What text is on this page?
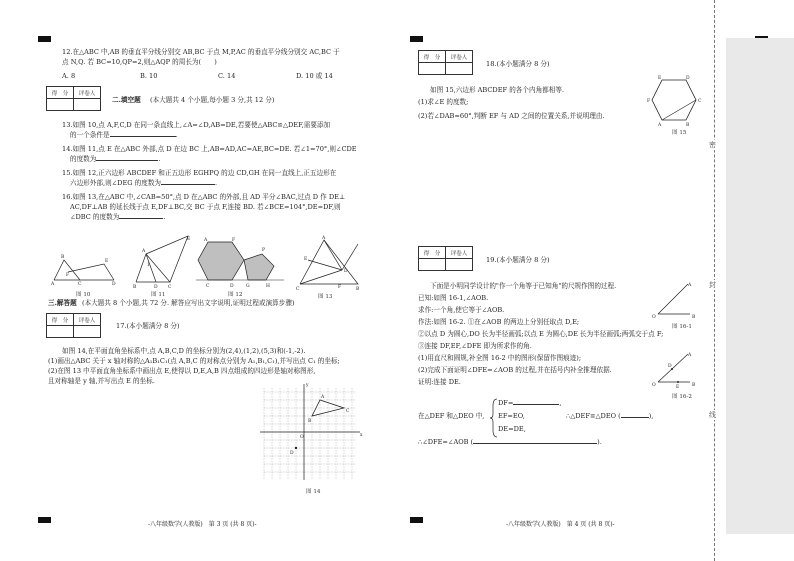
密
封
线
12.在△ABC 中,AB 的垂直平分线分别交 AB,BC 于点 M,P,AC 的垂直平分线分别交 AC,BC 于
点 N,Q. 若 BC=10,QP=2,则△AQP 的周长为(　　)
A. 8	B. 10	C. 14	D. 10 或 14
得　分	评卷人

二.填空题 (本大题共 4 个小题,每小题 3 分,共 12 分)
13.如图 10,点 A,F,C,D 在同一条直线上,∠A=∠D,AB=DE,若要使△ABC≌△DEF,需要添加
的一个条件是	.
14.如图 11,点 E 在△ABC 外部,点 D 在边 BC 上,AB=AD,AC=AE,BC=DE. 若∠1=70°,则∠CDE
的度数为	.
15.如图 12,正六边形 ABCDEF 和正五边形 EGHPQ 的边 CD,GH 在同一直线上,正五边形在
六边形外部,则∠DEG 的度数为	.
16.如图 13,在△ABC 中,∠CAB=50°,点 D 在△ABC 的外部,且 AD 平分∠BAC,过点 D 作 DE⊥
AC,DF⊥AB 的延长线于点 E,DF⊥BC,交 BC 于点 F,连接 BD. 若∠BCE=104°,DE=DF,则
∠DBC 的度数为	.
A
B
C
F
E
D
图 10
B
A
C
D
E
1
图 11
A	F
P
C	D	G	H
图 12
A
C	B
D
E
F
图 13
三.解答题 (本大题共 8 个小题,共 72 分. 解答应写出文字说明,证明过程或演算步骤)
得　分	评卷人

17.(本小题满分 8 分)
如图 14,在平面直角坐标系中,点 A,B,C,D 的坐标分别为(2,4),(1,2),(5,3)和(-1,-2).
(1)画出△ABC 关于 x 轴对称的△A₁B₁C₁(点 A,B,C 的对称点分别为 A₁,B₁,C₁),并写出点 C₁ 的坐标;
(2)在图 13 中平面直角坐标系中画出点 E,使得以 D,E,A,B 四点组成的四边形是轴对称图形,
且对称轴是 y 轴,并写出点 E 的坐标.
y
x
O
A
B
C
D
图 14
-八年级数学(人教版)　第 3 页 (共 8 页)-
得　分	评卷人

18.(本小题满分 8 分)
如图 15,六边形 ABCDEF 的各个内角都相等.
(1)求∠E 的度数;
(2)若∠DAB=60°,判断 EF 与 AD 之间的位置关系,并说明理由.
E	D
C
B
A
F
图 15
得　分	评卷人

19.(本小题满分 8 分)
下面是小明同学设计的"作一个角等于已知角"的尺规作图的过程.
已知:如图 16-1,∠AOB.
求作:一个角,使它等于∠AOB.
作法:如图 16-2. ①在∠AOB 的两边上分别任取点 D,E;
②以点 D 为圆心,DO 长为半径画弧;以点 E 为圆心,DE 长为半径画弧;两弧交于点 F;
③连接 DF,EF,∠DFE 即为所求作的角.
(1)用直尺和圆规,补全图 16-2 中的图形(保留作图痕迹);
(2)完成下面证明∠DFE=∠AOB 的过程,并在括号内补全推理依据.
证明:连接 DE.
O
A
B
图 16-1
O
A
B
D
E
图 16-2
在△DEF 和△DEO 中,
DF=	,
EF=EO,
DE=DE,
∴△DEF≌△DEO (	),
∴∠DFE=∠AOB (	).
-八年级数学(人教版)　第 4 页 (共 8 页)-
